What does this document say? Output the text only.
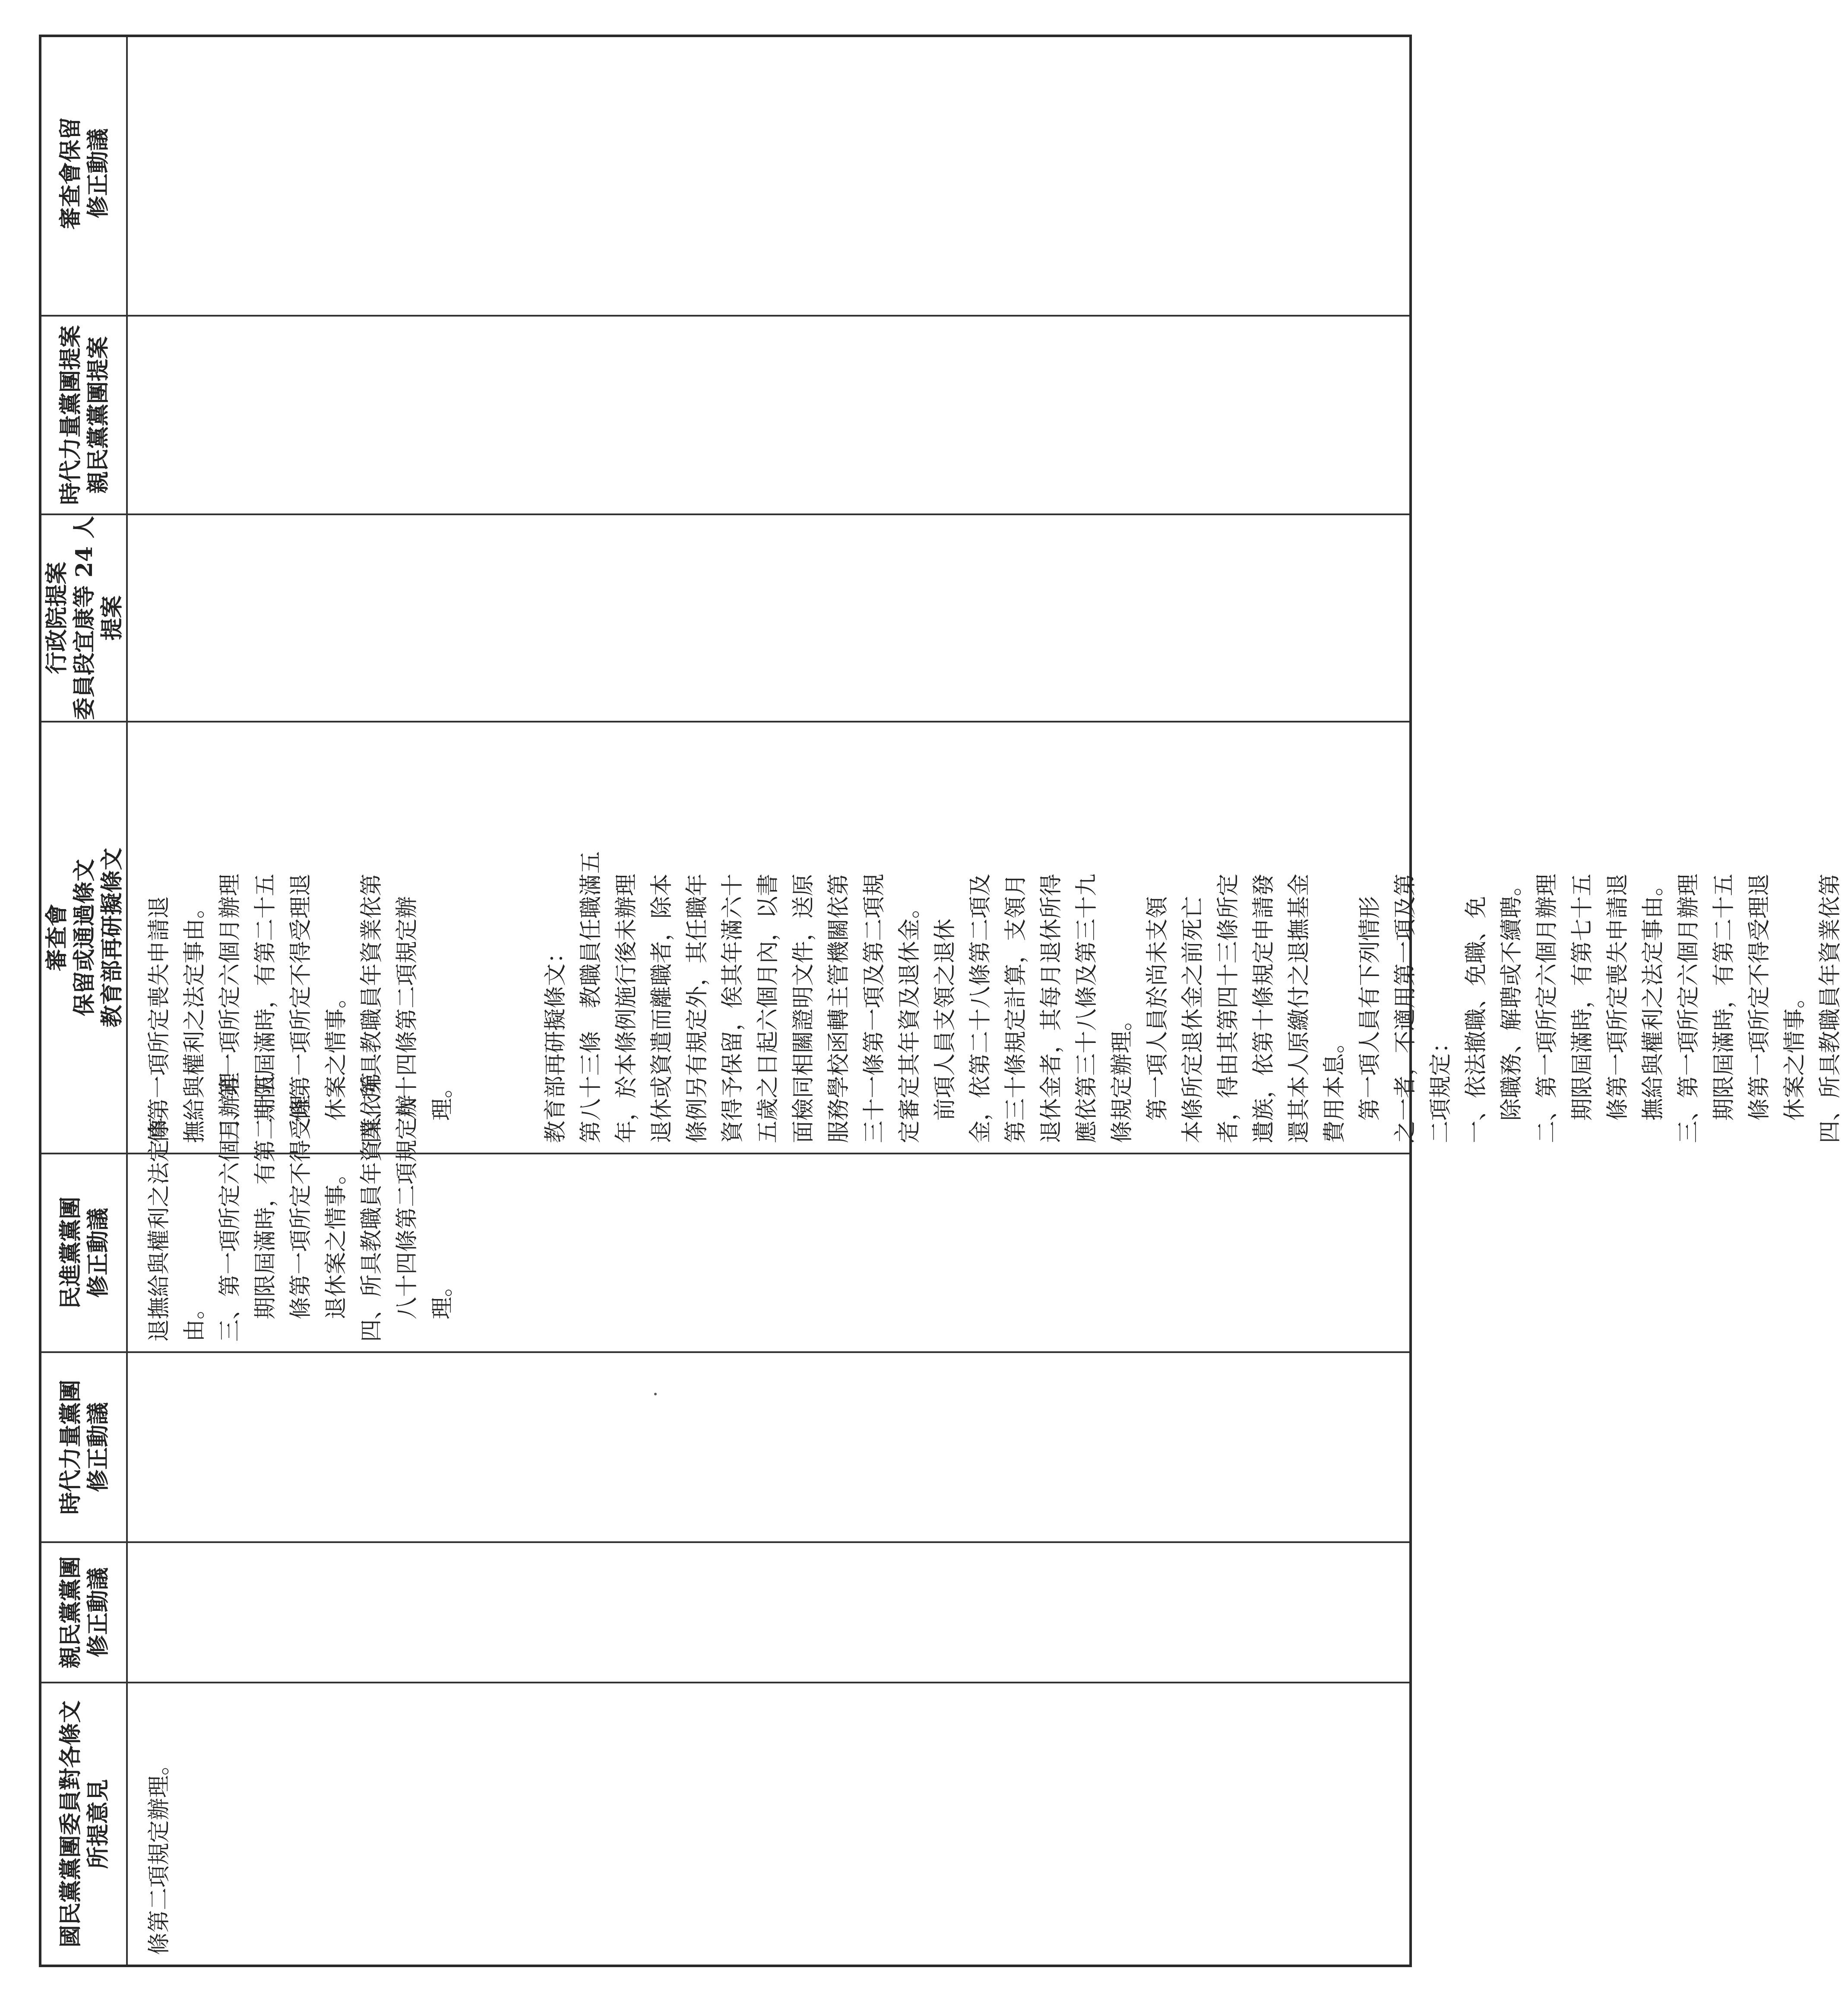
國民黨黨團委員對各條文 所提意見 條第二項規定辦理。
親民黨黨團 修正動議
時代力量黨團 修正動議
民進黨黨團 修正動議 退撫給與權利之法定事 由。 三、第一項所定六個月辦理 期限屆滿時，有第二十五 條第一項所定不得受理 退休案之情事。 四、所具教職員年資業依第 八十四條第二項規定辦 理。
審查會 保留或通過條文 教育部再研擬條文 條第一項所定喪失申請退 撫給與權利之法定事由。 三、第一項所定六個月辦理 期限屆滿時，有第二十五 條第一項所定不得受理退 休案之情事。 四、所具教職員年資業依第 八十四條第二項規定辦 理。	教育部再研擬條文： 第八十三條　教職員任職滿五 年，於本條例施行後未辦理 退休或資遣而離職者，除本 條例另有規定外，其任職年 資得予保留，俟其年滿六十 五歲之日起六個月內，以書 面檢同相關證明文件，送原 服務學校函轉主管機關依第 三十一條第一項及第二項規 定審定其年資及退休金。 前項人員支領之退休 金，依第二十八條第二項及 第三十條規定計算，支領月 退休金者，其每月退休所得 應依第三十八條及第三十九 條規定辦理。 第一項人員於尚未支領 本條所定退休金之前死亡 者，得由其第四十三條所定 遺族，依第十條規定申請發 還其本人原繳付之退撫基金 費用本息。 第一項人員有下列情形 之一者，不適用第一項及第 二項規定： 一、依法撤職、免職、免 除職務、解聘或不續聘。 二、第一項所定六個月辦理 期限屆滿時，有第七十五 條第一項所定喪失申請退 撫給與權利之法定事由。 三、第一項所定六個月辦理 期限屆滿時，有第二十五 條第一項所定不得受理退 休案之情事。 四、所具教職員年資業依第
行政院提案 委員段宜康等 24 人 提案
時代力量黨團提案 親民黨黨團提案
審查會保留 修正動議
